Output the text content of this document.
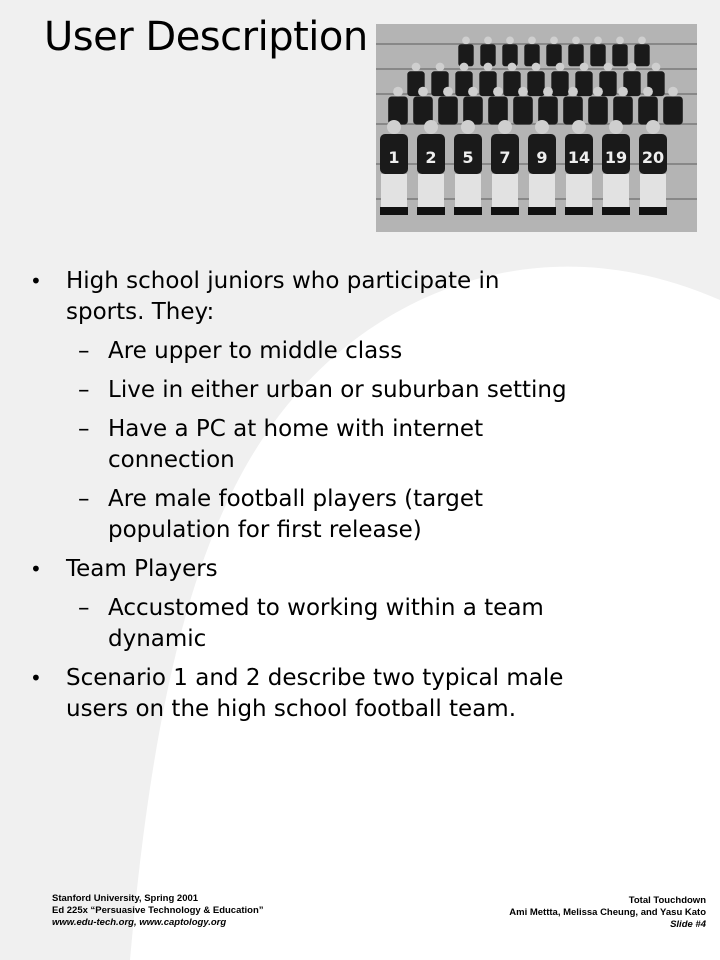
User Description
1 2 5 7 9 14 19 20
•	High school juniors who participate in sports. They:
– Are upper to middle class
– Live in either urban or suburban setting
– Have a PC at home with internet connection
– Are male football players (target population for first release)
•	Team Players
– Accustomed to working within a team dynamic
•	Scenario 1 and 2 describe two typical male users on the high school football team.
Stanford University, Spring 2001
Ed 225x “Persuasive Technology & Education”
www.edu-tech.org, www.captology.org
Total Touchdown
Ami Mettta, Melissa Cheung, and Yasu Kato
Slide #4
